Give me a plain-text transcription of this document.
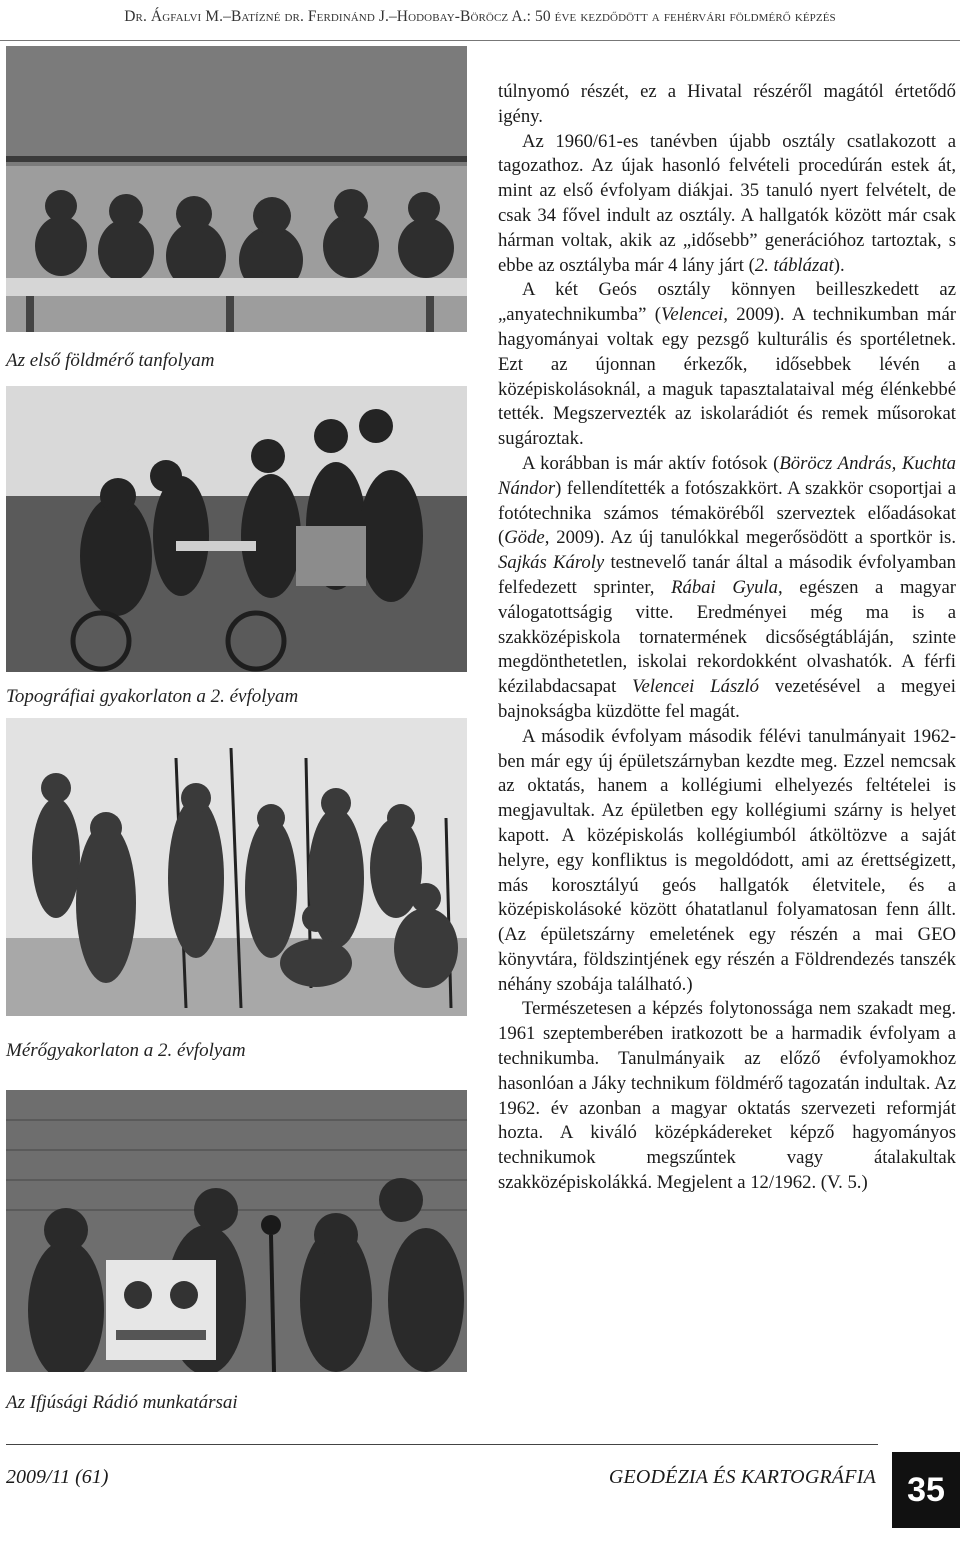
Dr. Ágfalvi M.–Batízné dr. Ferdinánd J.–Hodobay-Böröcz A.: 50 éve kezdődött a fehérvári földmérő képzés
Az első földmérő tanfolyam
Topográfiai gyakorlaton a 2. évfolyam
Mérőgyakorlaton a 2. évfolyam
Az Ifjúsági Rádió munkatársai

túlnyomó részét, ez a Hivatal részéről magától értetődő igény.

Az 1960/61-es tanévben újabb osztály csatlakozott a tagozathoz. Az újak hasonló felvételi procedúrán estek át, mint az első évfolyam diákjai. 35 tanuló nyert felvételt, de csak 34 fővel indult az osztály. A hallgatók között már csak hárman voltak, akik az „idősebb” generációhoz tartoztak, s ebbe az osztályba már 4 lány járt (2. táblázat).

A két Geós osztály könnyen beilleszkedett az „anyatechnikumba” (Velencei, 2009). A technikumban már hagyományai voltak egy pezsgő kulturális és sportéletnek. Ezt az újonnan érkezők, idősebbek lévén a középiskolásoknál, a maguk tapasztalataival még élénkebbé tették. Megszervezték az iskolarádiót és remek műsorokat sugároztak.

A korábban is már aktív fotósok (Böröcz András, Kuchta Nándor) fellendítették a fotószakkört. A szakkör csoportjai a fotótechnika számos témaköréből szerveztek előadásokat (Göde, 2009). Az új tanulókkal megerősödött a sportkör is. Sajkás Károly testnevelő tanár által a második évfolyamban felfedezett sprinter, Rábai Gyula, egészen a magyar válogatottságig vitte. Eredményei még ma is a szakközépiskola tornatermének dicsőségtábláján, szinte megdönthetetlen, iskolai rekordokként olvashatók. A férfi kézilabdacsapat Velencei László vezetésével a megyei bajnokságba küzdötte fel magát.

A második évfolyam második félévi tanulmányait 1962-ben már egy új épületszárnyban kezdte meg. Ezzel nemcsak az oktatás, hanem a kollégiumi elhelyezés feltételei is megjavultak. Az épületben egy kollégiumi szárny is helyet kapott. A középiskolás kollégiumból átköltözve a saját helyre, egy konfliktus is megoldódott, ami az érettségizett, más korosztályú geós hallgatók életvitele, és a középiskolásoké között óhatatlanul folyamatosan fenn állt. (Az épületszárny emeletének egy részén a mai GEO könyvtára, földszintjének egy részén a Földrendezés tanszék néhány szobája található.)

Természetesen a képzés folytonossága nem szakadt meg. 1961 szeptemberében iratkozott be a harmadik évfolyam a technikumba. Tanulmányaik az előző évfolyamokhoz hasonlóan a Jáky technikum földmérő tagozatán indultak. Az 1962. év azonban a magyar oktatás szervezeti reformját hozta. A kiváló középkádereket képző hagyományos technikumok megszűntek vagy átalakultak szakközépiskolákká. Megjelent a 12/1962. (V. 5.)

2009/11 (61)	GEODÉZIA ÉS KARTOGRÁFIA 35
